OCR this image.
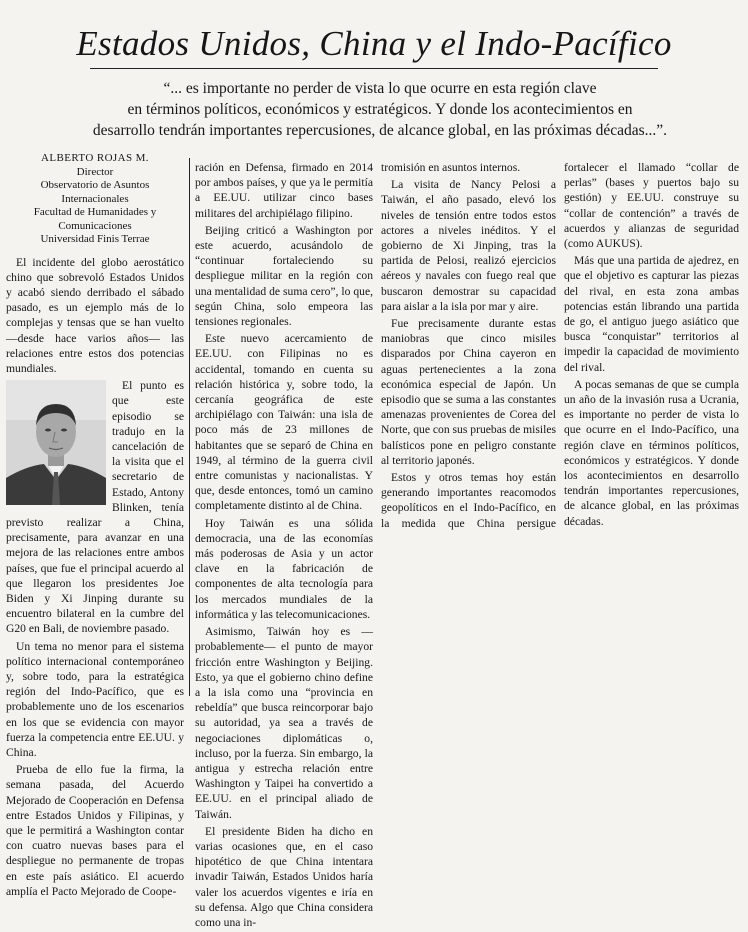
Estados Unidos, China y el Indo-Pacífico
“... es importante no perder de vista lo que ocurre en esta región clave
en términos políticos, económicos y estratégicos. Y donde los acontecimientos en
desarrollo tendrán importantes repercusiones, de alcance global, en las próximas décadas...”.
ALBERTO ROJAS M.
Director
Observatorio de Asuntos Internacionales
Facultad de Humanidades y Comunicaciones
Universidad Finis Terrae

El incidente del globo aerostático chino que sobrevoló Estados Unidos y acabó siendo derribado el sábado pasado, es un ejemplo más de lo complejas y tensas que se han vuelto —desde hace varios años— las relaciones entre estos dos potencias mundiales.

El punto es que este episodio se tradujo en la cancelación de la visita que el secretario de Estado, Antony Blinken, tenía previsto realizar a China, precisamente, para avanzar en una mejora de las relaciones entre ambos países, que fue el principal acuerdo al que llegaron los presidentes Joe Biden y Xi Jinping durante su encuentro bilateral en la cumbre del G20 en Bali, de noviembre pasado.

Un tema no menor para el sistema político internacional contemporáneo y, sobre todo, para la estratégica región del Indo-Pacífico, que es probablemente uno de los escenarios en los que se evidencia con mayor fuerza la competencia entre EE.UU. y China.

Prueba de ello fue la firma, la semana pasada, del Acuerdo Mejorado de Cooperación en Defensa entre Estados Unidos y Filipinas, y que le permitirá a Washington contar con cuatro nuevas bases para el despliegue no permanente de tropas en este país asiático. El acuerdo amplía el Pacto Mejorado de Coope-

ración en Defensa, firmado en 2014 por ambos países, y que ya le permitía a EE.UU. utilizar cinco bases militares del archipiélago filipino.

Beijing criticó a Washington por este acuerdo, acusándolo de “continuar fortaleciendo su despliegue militar en la región con una mentalidad de suma cero”, lo que, según China, solo empeora las tensiones regionales.

Este nuevo acercamiento de EE.UU. con Filipinas no es accidental, tomando en cuenta su relación histórica y, sobre todo, la cercanía geográfica de este archipiélago con Taiwán: una isla de poco más de 23 millones de habitantes que se separó de China en 1949, al término de la guerra civil entre comunistas y nacionalistas. Y que, desde entonces, tomó un camino completamente distinto al de China.

Hoy Taiwán es una sólida democracia, una de las economías más poderosas de Asia y un actor clave en la fabricación de componentes de alta tecnología para los mercados mundiales de la informática y las telecomunicaciones.

Asimismo, Taiwán hoy es —probablemente— el punto de mayor fricción entre Washington y Beijing. Esto, ya que el gobierno chino define a la isla como una “provincia en rebeldía” que busca reincorporar bajo su autoridad, ya sea a través de negociaciones diplomáticas o, incluso, por la fuerza. Sin embargo, la antigua y estrecha relación entre Washington y Taipei ha convertido a EE.UU. en el principal aliado de Taiwán.

El presidente Biden ha dicho en varias ocasiones que, en el caso hipotético de que China intentara invadir Taiwán, Estados Unidos haría valer los acuerdos vigentes e iría en su defensa. Algo que China considera como una in-

tromisión en asuntos internos.

La visita de Nancy Pelosi a Taiwán, el año pasado, elevó los niveles de tensión entre todos estos actores a niveles inéditos. Y el gobierno de Xi Jinping, tras la partida de Pelosi, realizó ejercicios aéreos y navales con fuego real que buscaron demostrar su capacidad para aislar a la isla por mar y aire.

Fue precisamente durante estas maniobras que cinco misiles disparados por China cayeron en aguas pertenecientes a la zona económica especial de Japón. Un episodio que se suma a las constantes amenazas provenientes de Corea del Norte, que con sus pruebas de misiles balísticos pone en peligro constante al territorio japonés.

Estos y otros temas hoy están generando importantes reacomodos geopolíticos en el Indo-Pacífico, en la medida que China persigue fortalecer el llamado “collar de perlas” (bases y puertos bajo su gestión) y EE.UU. construye su “collar de contención” a través de acuerdos y alianzas de seguridad (como AUKUS).

Más que una partida de ajedrez, en que el objetivo es capturar las piezas del rival, en esta zona ambas potencias están librando una partida de go, el antiguo juego asiático que busca “conquistar” territorios al impedir la capacidad de movimiento del rival.

A pocas semanas de que se cumpla un año de la invasión rusa a Ucrania, es importante no perder de vista lo que ocurre en el Indo-Pacífico, una región clave en términos políticos, económicos y estratégicos. Y donde los acontecimientos en desarrollo tendrán importantes repercusiones, de alcance global, en las próximas décadas.
